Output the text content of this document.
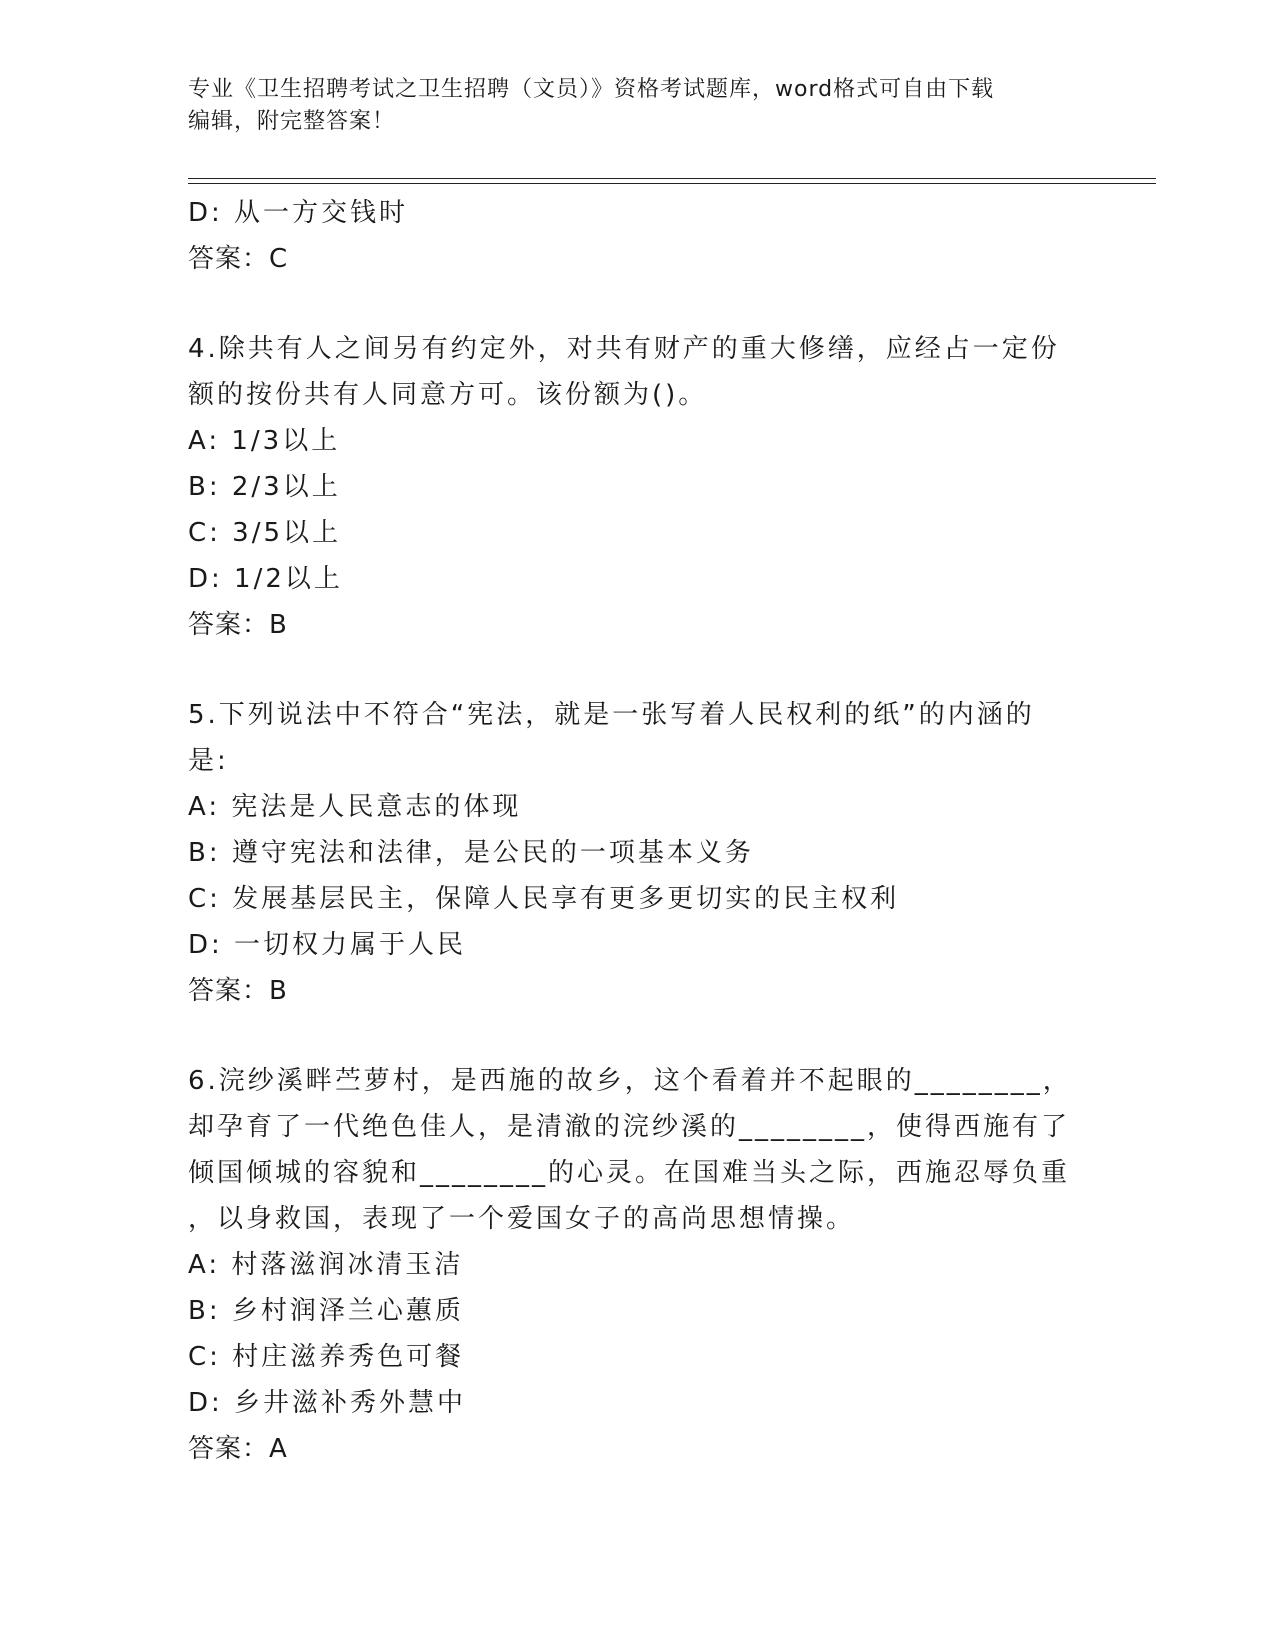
专业《卫生招聘考试之卫生招聘（文员）》资格考试题库，word格式可自由下载
编辑，附完整答案！
D: 从一方交钱时
答案：C
4.除共有人之间另有约定外，对共有财产的重大修缮，应经占一定份
额的按份共有人同意方可。该份额为()。
A: 1/3以上
B: 2/3以上
C: 3/5以上
D: 1/2以上
答案：B
5.下列说法中不符合“宪法，就是一张写着人民权利的纸”的内涵的
是:
A: 宪法是人民意志的体现
B: 遵守宪法和法律，是公民的一项基本义务
C: 发展基层民主，保障人民享有更多更切实的民主权利
D: 一切权力属于人民
答案：B
6.浣纱溪畔苎萝村，是西施的故乡，这个看着并不起眼的________，
却孕育了一代绝色佳人，是清澈的浣纱溪的________，使得西施有了
倾国倾城的容貌和________的心灵。在国难当头之际，西施忍辱负重
，以身救国，表现了一个爱国女子的高尚思想情操。
A: 村落滋润冰清玉洁
B: 乡村润泽兰心蕙质
C: 村庄滋养秀色可餐
D: 乡井滋补秀外慧中
答案：A
